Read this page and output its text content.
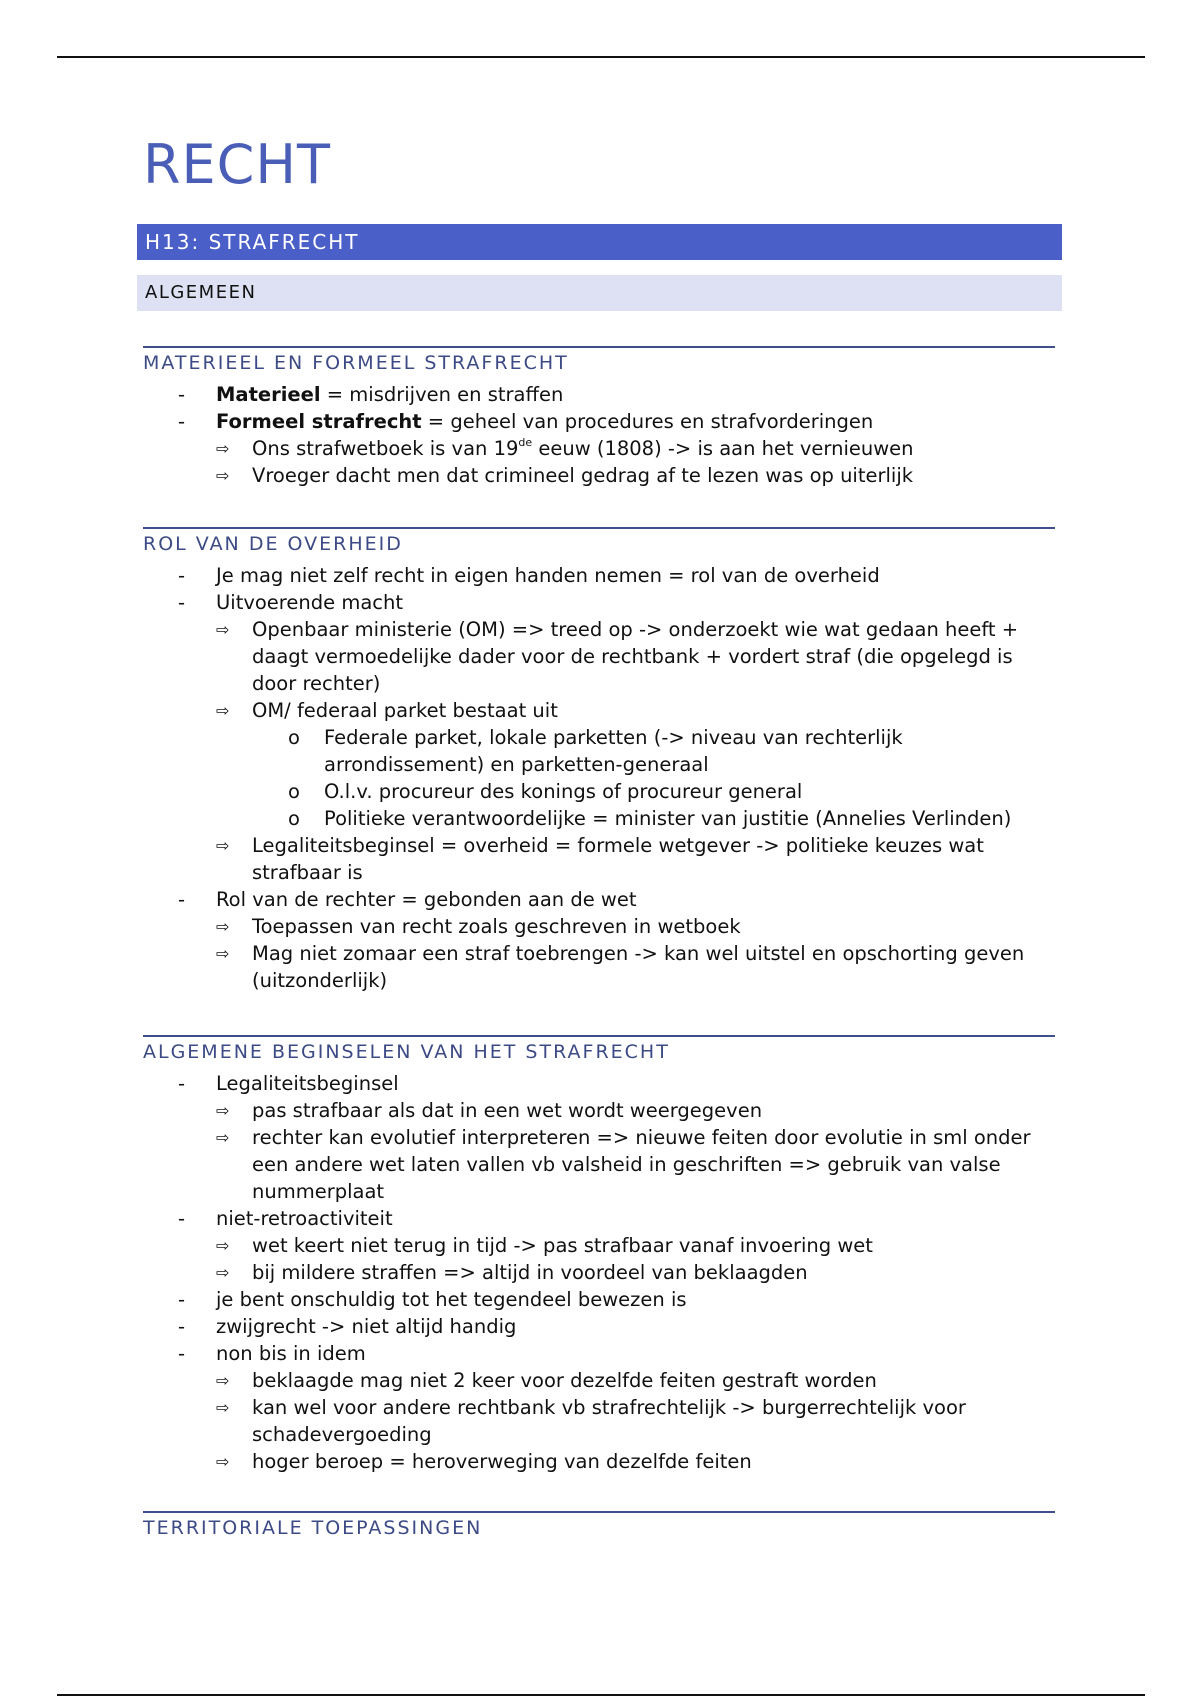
RECHT
H13: STRAFRECHT
ALGEMEEN
MATERIEEL EN FORMEEL STRAFRECHT
- Materieel = misdrijven en straffen
- Formeel strafrecht = geheel van procedures en strafvorderingen
⇨ Ons strafwetboek is van 19de eeuw (1808) -> is aan het vernieuwen
⇨ Vroeger dacht men dat crimineel gedrag af te lezen was op uiterlijk
ROL VAN DE OVERHEID
- Je mag niet zelf recht in eigen handen nemen = rol van de overheid
- Uitvoerende macht
⇨ Openbaar ministerie (OM) => treed op -> onderzoekt wie wat gedaan heeft + daagt vermoedelijke dader voor de rechtbank + vordert straf (die opgelegd is door rechter)
⇨ OM/ federaal parket bestaat uit
o Federale parket, lokale parketten (-> niveau van rechterlijk arrondissement) en parketten-generaal
o O.l.v. procureur des konings of procureur general
o Politieke verantwoordelijke = minister van justitie (Annelies Verlinden)
⇨ Legaliteitsbeginsel = overheid = formele wetgever -> politieke keuzes wat strafbaar is
- Rol van de rechter = gebonden aan de wet
⇨ Toepassen van recht zoals geschreven in wetboek
⇨ Mag niet zomaar een straf toebrengen -> kan wel uitstel en opschorting geven (uitzonderlijk)
ALGEMENE BEGINSELEN VAN HET STRAFRECHT
- Legaliteitsbeginsel
⇨ pas strafbaar als dat in een wet wordt weergegeven
⇨ rechter kan evolutief interpreteren => nieuwe feiten door evolutie in sml onder een andere wet laten vallen vb valsheid in geschriften => gebruik van valse nummerplaat
- niet-retroactiviteit
⇨ wet keert niet terug in tijd -> pas strafbaar vanaf invoering wet
⇨ bij mildere straffen => altijd in voordeel van beklaagden
- je bent onschuldig tot het tegendeel bewezen is
- zwijgrecht -> niet altijd handig
- non bis in idem
⇨ beklaagde mag niet 2 keer voor dezelfde feiten gestraft worden
⇨ kan wel voor andere rechtbank vb strafrechtelijk -> burgerrechtelijk voor schadevergoeding
⇨ hoger beroep = heroverweging van dezelfde feiten
TERRITORIALE TOEPASSINGEN
